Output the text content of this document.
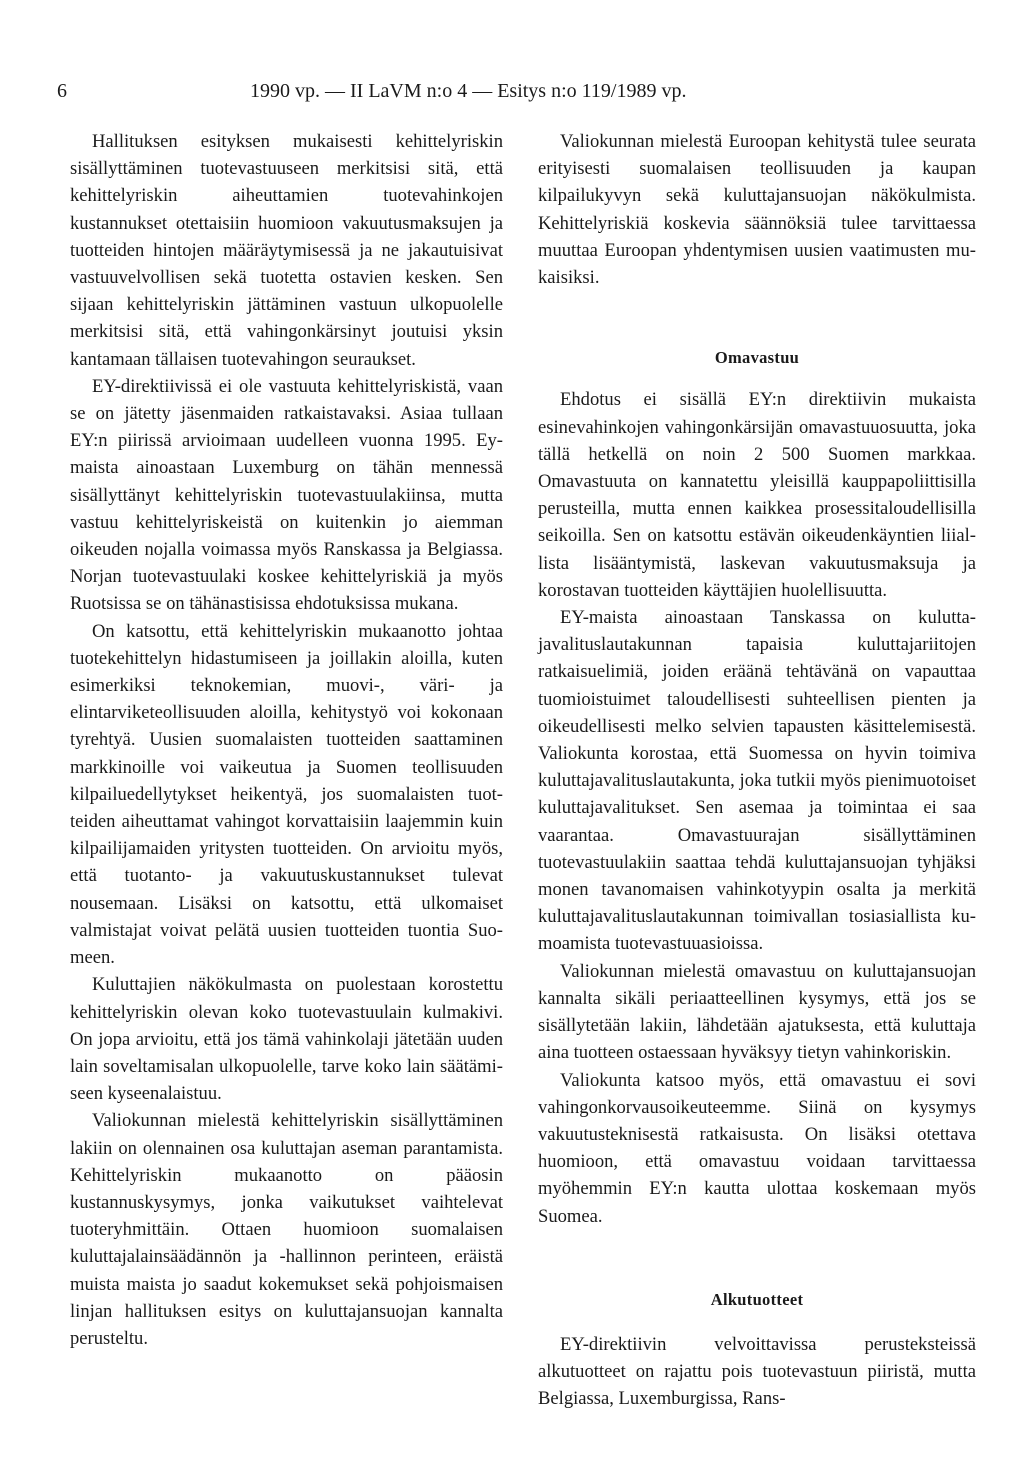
6	1990 vp. — II LaVM n:o 4 — Esitys n:o 119/1989 vp.

Hallituksen esityksen mukaisesti kehittelyriskin sisällyttäminen tuotevastuuseen merkitsisi sitä, että kehittelyriskin aiheuttamien tuotevahinkojen kustannukset otettaisiin huomioon vakuutusmaksujen ja tuotteiden hintojen määräytymisessä ja ne jakautuisivat vastuuvelvollisen sekä tuotetta ostavien kesken. Sen sijaan kehittelyriskin jättäminen vastuun ulkopuolelle merkitsisi sitä, että vahingonkärsinyt joutuisi yksin kantamaan tällaisen tuotevahingon seuraukset.

EY-direktiivissä ei ole vastuuta kehittelyriskistä, vaan se on jätetty jäsenmaiden ratkaistavaksi. Asiaa tullaan EY:n piirissä arvioimaan uudelleen vuonna 1995. Ey-maista ainoastaan Luxemburg on tähän mennessä sisällyttänyt kehittelyriskin tuotevastuulakiinsa, mutta vastuu kehittelyriskeistä on kuitenkin jo aiemman oikeuden nojalla voimassa myös Ranskassa ja Belgiassa. Norjan tuotevastuulaki koskee kehittelyriskiä ja myös Ruotsissa se on tähänastisissa ehdotuksissa mukana.

On katsottu, että kehittelyriskin mukaanotto johtaa tuotekehittelyn hidastumiseen ja joillakin aloilla, kuten esimerkiksi teknokemian, muovi-, väri- ja elintarviketeollisuuden aloilla, kehitystyö voi kokonaan tyrehtyä. Uusien suomalaisten tuotteiden saattaminen markkinoille voi vaikeutua ja Suomen teollisuuden kilpailuedellytykset heikentyä, jos suomalaisten tuotteiden aiheuttamat vahingot korvattaisiin laajemmin kuin kilpailijamaiden yritysten tuotteiden. On arvioitu myös, että tuotanto- ja vakuutuskustannukset tulevat nousemaan. Lisäksi on katsottu, että ulkomaiset valmistajat voivat pelätä uusien tuotteiden tuontia Suomeen.

Kuluttajien näkökulmasta on puolestaan korostettu kehittelyriskin olevan koko tuotevastuulain kulmakivi. On jopa arvioitu, että jos tämä vahinkolaji jätetään uuden lain soveltamisalan ulkopuolelle, tarve koko lain säätämiseen kyseenalaistuu.

Valiokunnan mielestä kehittelyriskin sisällyttäminen lakiin on olennainen osa kuluttajan aseman parantamista. Kehittelyriskin mukaanotto on pääosin kustannuskysymys, jonka vaikutukset vaihtelevat tuoteryhmittäin. Ottaen huomioon suomalaisen kuluttajalainsäädännön ja -hallinnon perinteen, eräistä muista maista jo saadut kokemukset sekä pohjoismaisen linjan hallituksen esitys on kuluttajansuojan kannalta perusteltu.

Valiokunnan mielestä Euroopan kehitystä tulee seurata erityisesti suomalaisen teollisuuden ja kaupan kilpailukyvyn sekä kuluttajansuojan näkökulmista. Kehittelyriskiä koskevia säännöksiä tulee tarvittaessa muuttaa Euroopan yhdentymisen uusien vaatimusten mukaisiksi.

Omavastuu

Ehdotus ei sisällä EY:n direktiivin mukaista esinevahinkojen vahingonkärsijän omavastuuosuutta, joka tällä hetkellä on noin 2 500 Suomen markkaa. Omavastuuta on kannatettu yleisillä kauppapoliittisilla perusteilla, mutta ennen kaikkea prosessitaloudellisilla seikoilla. Sen on katsottu estävän oikeudenkäyntien liiallista lisääntymistä, laskevan vakuutusmaksuja ja korostavan tuotteiden käyttäjien huolellisuutta.

EY-maista ainoastaan Tanskassa on kuluttajavalituslautakunnan tapaisia kuluttajariitojen ratkaisuelimiä, joiden eräänä tehtävänä on vapauttaa tuomioistuimet taloudellisesti suhteellisen pienten ja oikeudellisesti melko selvien tapausten käsittelemisestä. Valiokunta korostaa, että Suomessa on hyvin toimiva kuluttajavalituslautakunta, joka tutkii myös pienimuotoiset kuluttajavalitukset. Sen asemaa ja toimintaa ei saa vaarantaa. Omavastuurajan sisällyttäminen tuotevastuulakiin saattaa tehdä kuluttajansuojan tyhjäksi monen tavanomaisen vahinkotyypin osalta ja merkitä kuluttajavalituslautakunnan toimivallan tosiasiallista kumoamista tuotevastuuasioissa.

Valiokunnan mielestä omavastuu on kuluttajansuojan kannalta sikäli periaatteellinen kysymys, että jos se sisällytetään lakiin, lähdetään ajatuksesta, että kuluttaja aina tuotteen ostaessaan hyväksyy tietyn vahinkoriskin.

Valiokunta katsoo myös, että omavastuu ei sovi vahingonkorvausoikeuteemme. Siinä on kysymys vakuutusteknisestä ratkaisusta. On lisäksi otettava huomioon, että omavastuu voidaan tarvittaessa myöhemmin EY:n kautta ulottaa koskemaan myös Suomea.

Alkutuotteet

EY-direktiivin velvoittavissa perusteksteissä alkutuotteet on rajattu pois tuotevastuun piiristä, mutta Belgiassa, Luxemburgissa, Rans-
